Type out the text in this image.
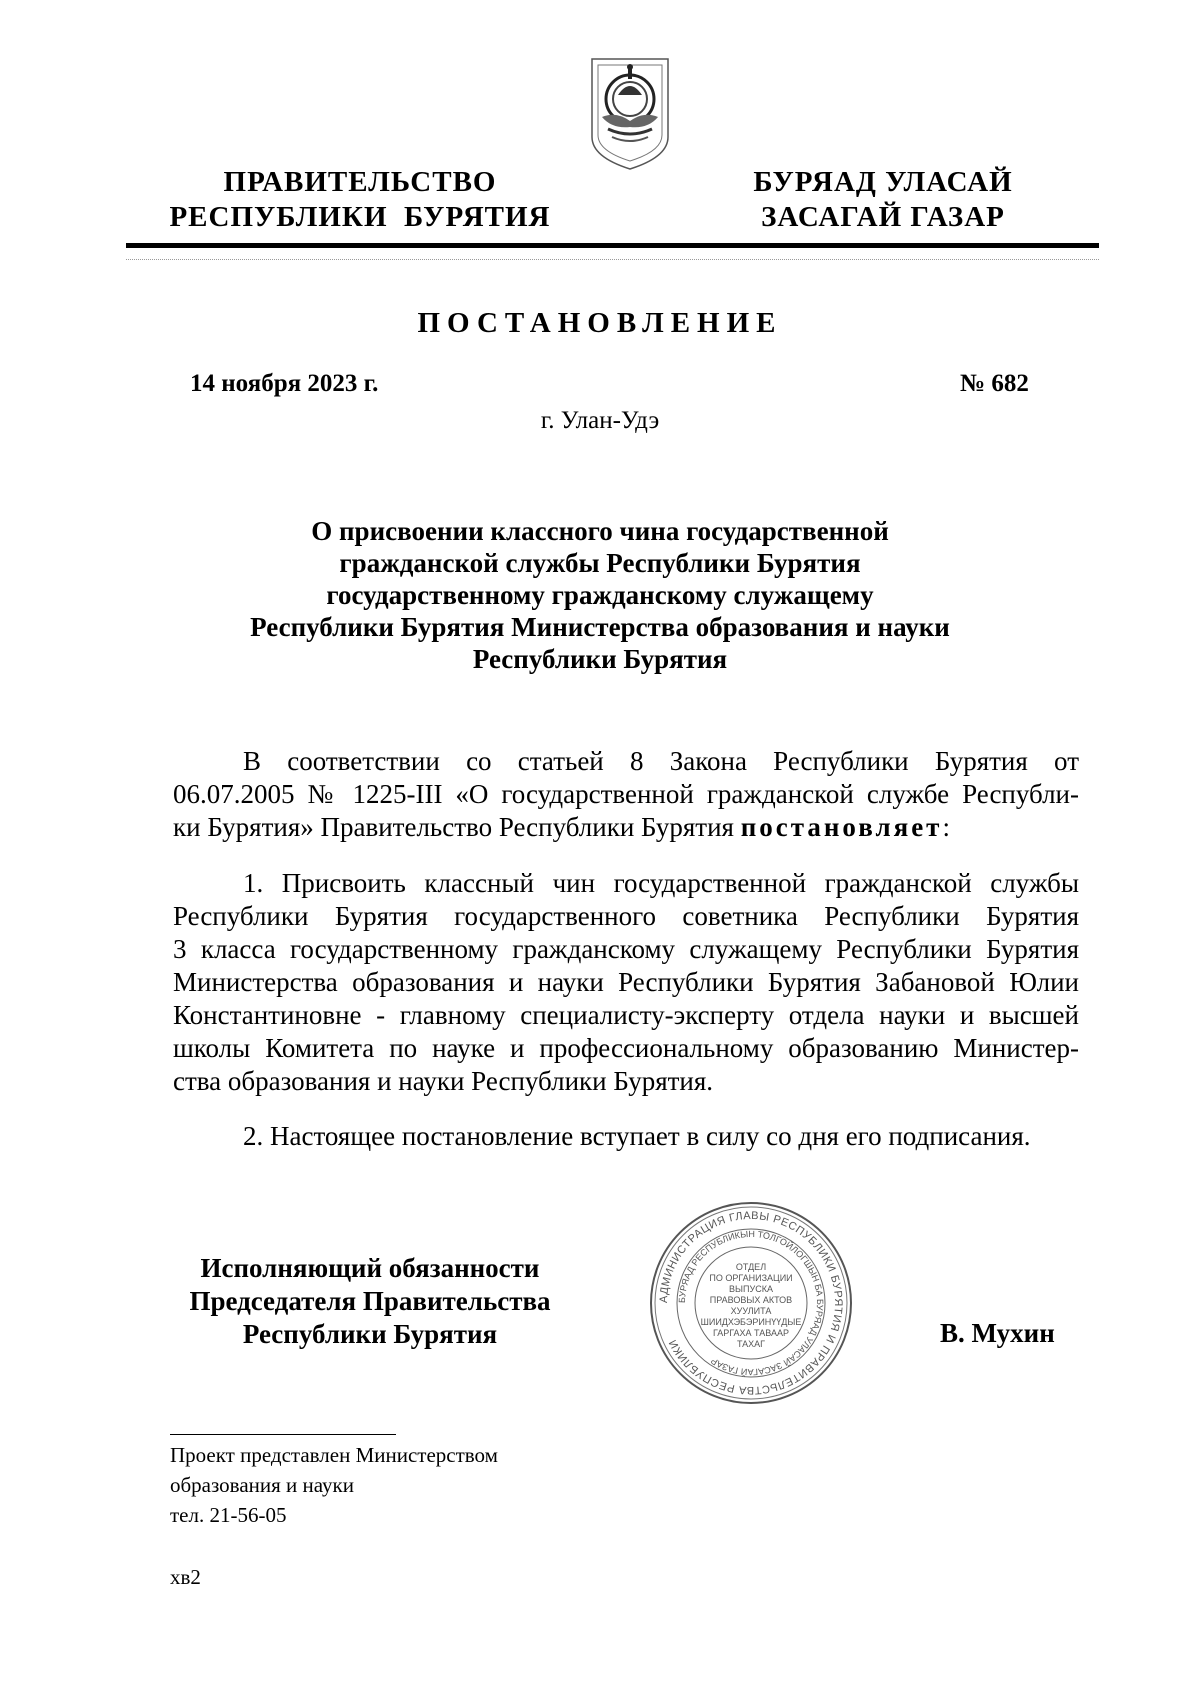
ПРАВИТЕЛЬСТВО
РЕСПУБЛИКИ  БУРЯТИЯ
БУРЯАД УЛАСАЙ
ЗАСАГАЙ ГАЗАР
ПОСТАНОВЛЕНИЕ
14 ноября 2023 г.	№ 682
г. Улан-Удэ
О присвоении классного чина государственной
гражданской службы Республики Бурятия
государственному гражданскому служащему
Республики Бурятия Министерства образования и науки
Республики Бурятия
В соответствии со статьей 8 Закона Республики Бурятия от
06.07.2005 № 1225-III «О государственной гражданской службе Республи-
ки Бурятия» Правительство Республики Бурятия постановляет:
1. Присвоить классный чин государственной гражданской службы
Республики Бурятия государственного советника Республики Бурятия
3 класса государственному гражданскому служащему Республики Бурятия
Министерства образования и науки Республики Бурятия Забановой Юлии
Константиновне - главному специалисту-эксперту отдела науки и высшей
школы Комитета по науке и профессиональному образованию Министер-
ства образования и науки Республики Бурятия.
2. Настоящее постановление вступает в силу со дня его подписания.
Исполняющий обязанности
Председателя Правительства
Республики Бурятия
АДМИНИСТРАЦИЯ ГЛАВЫ РЕСПУБЛИКИ БУРЯТИЯ И ПРАВИТЕЛЬСТВА РЕСПУБЛИКИ
БУРЯАД РЕСПУБЛИКЫН ТОЛГОЙЛОГШЫН БА БУРЯАД УЛАСАЙ ЗАСАГАЙ ГАЗАР
ОТДЕЛ
ПО ОРГАНИЗАЦИИ
ВЫПУСКА
ПРАВОВЫХ АКТОВ
ХУУЛИТА
ШИИДХЭБЭРИНҮҮДЫЕ
ГАРГАХА ТАВААР
ТАХАГ	В. Мухин
Проект представлен Министерством
образования и науки
тел. 21-56-05
хв2
